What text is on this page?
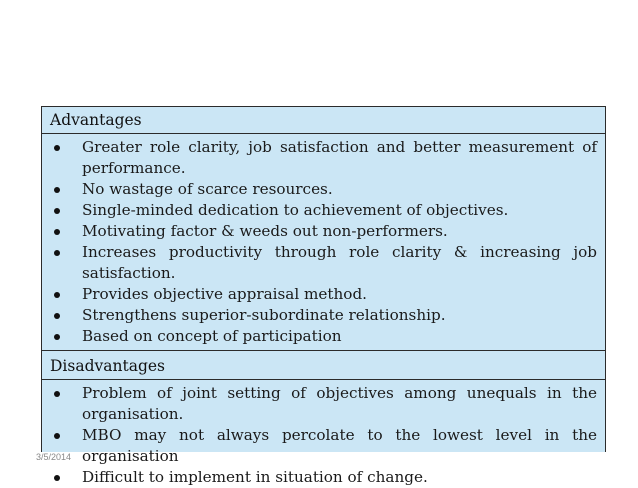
Advantages
Greater role clarity, job satisfaction and better measurement of performance.
No wastage of scarce resources.
Single-minded dedication to achievement of objectives.
Motivating factor & weeds out non-performers.
Increases productivity through role clarity & increasing job satisfaction.
Provides objective appraisal method.
Strengthens superior-subordinate relationship.
Based on concept of participation
Disadvantages
Problem of joint setting of objectives among unequals in the organisation.
MBO may not always percolate to the lowest level in the organisation
Difficult to implement in situation of change.
3/5/2014
